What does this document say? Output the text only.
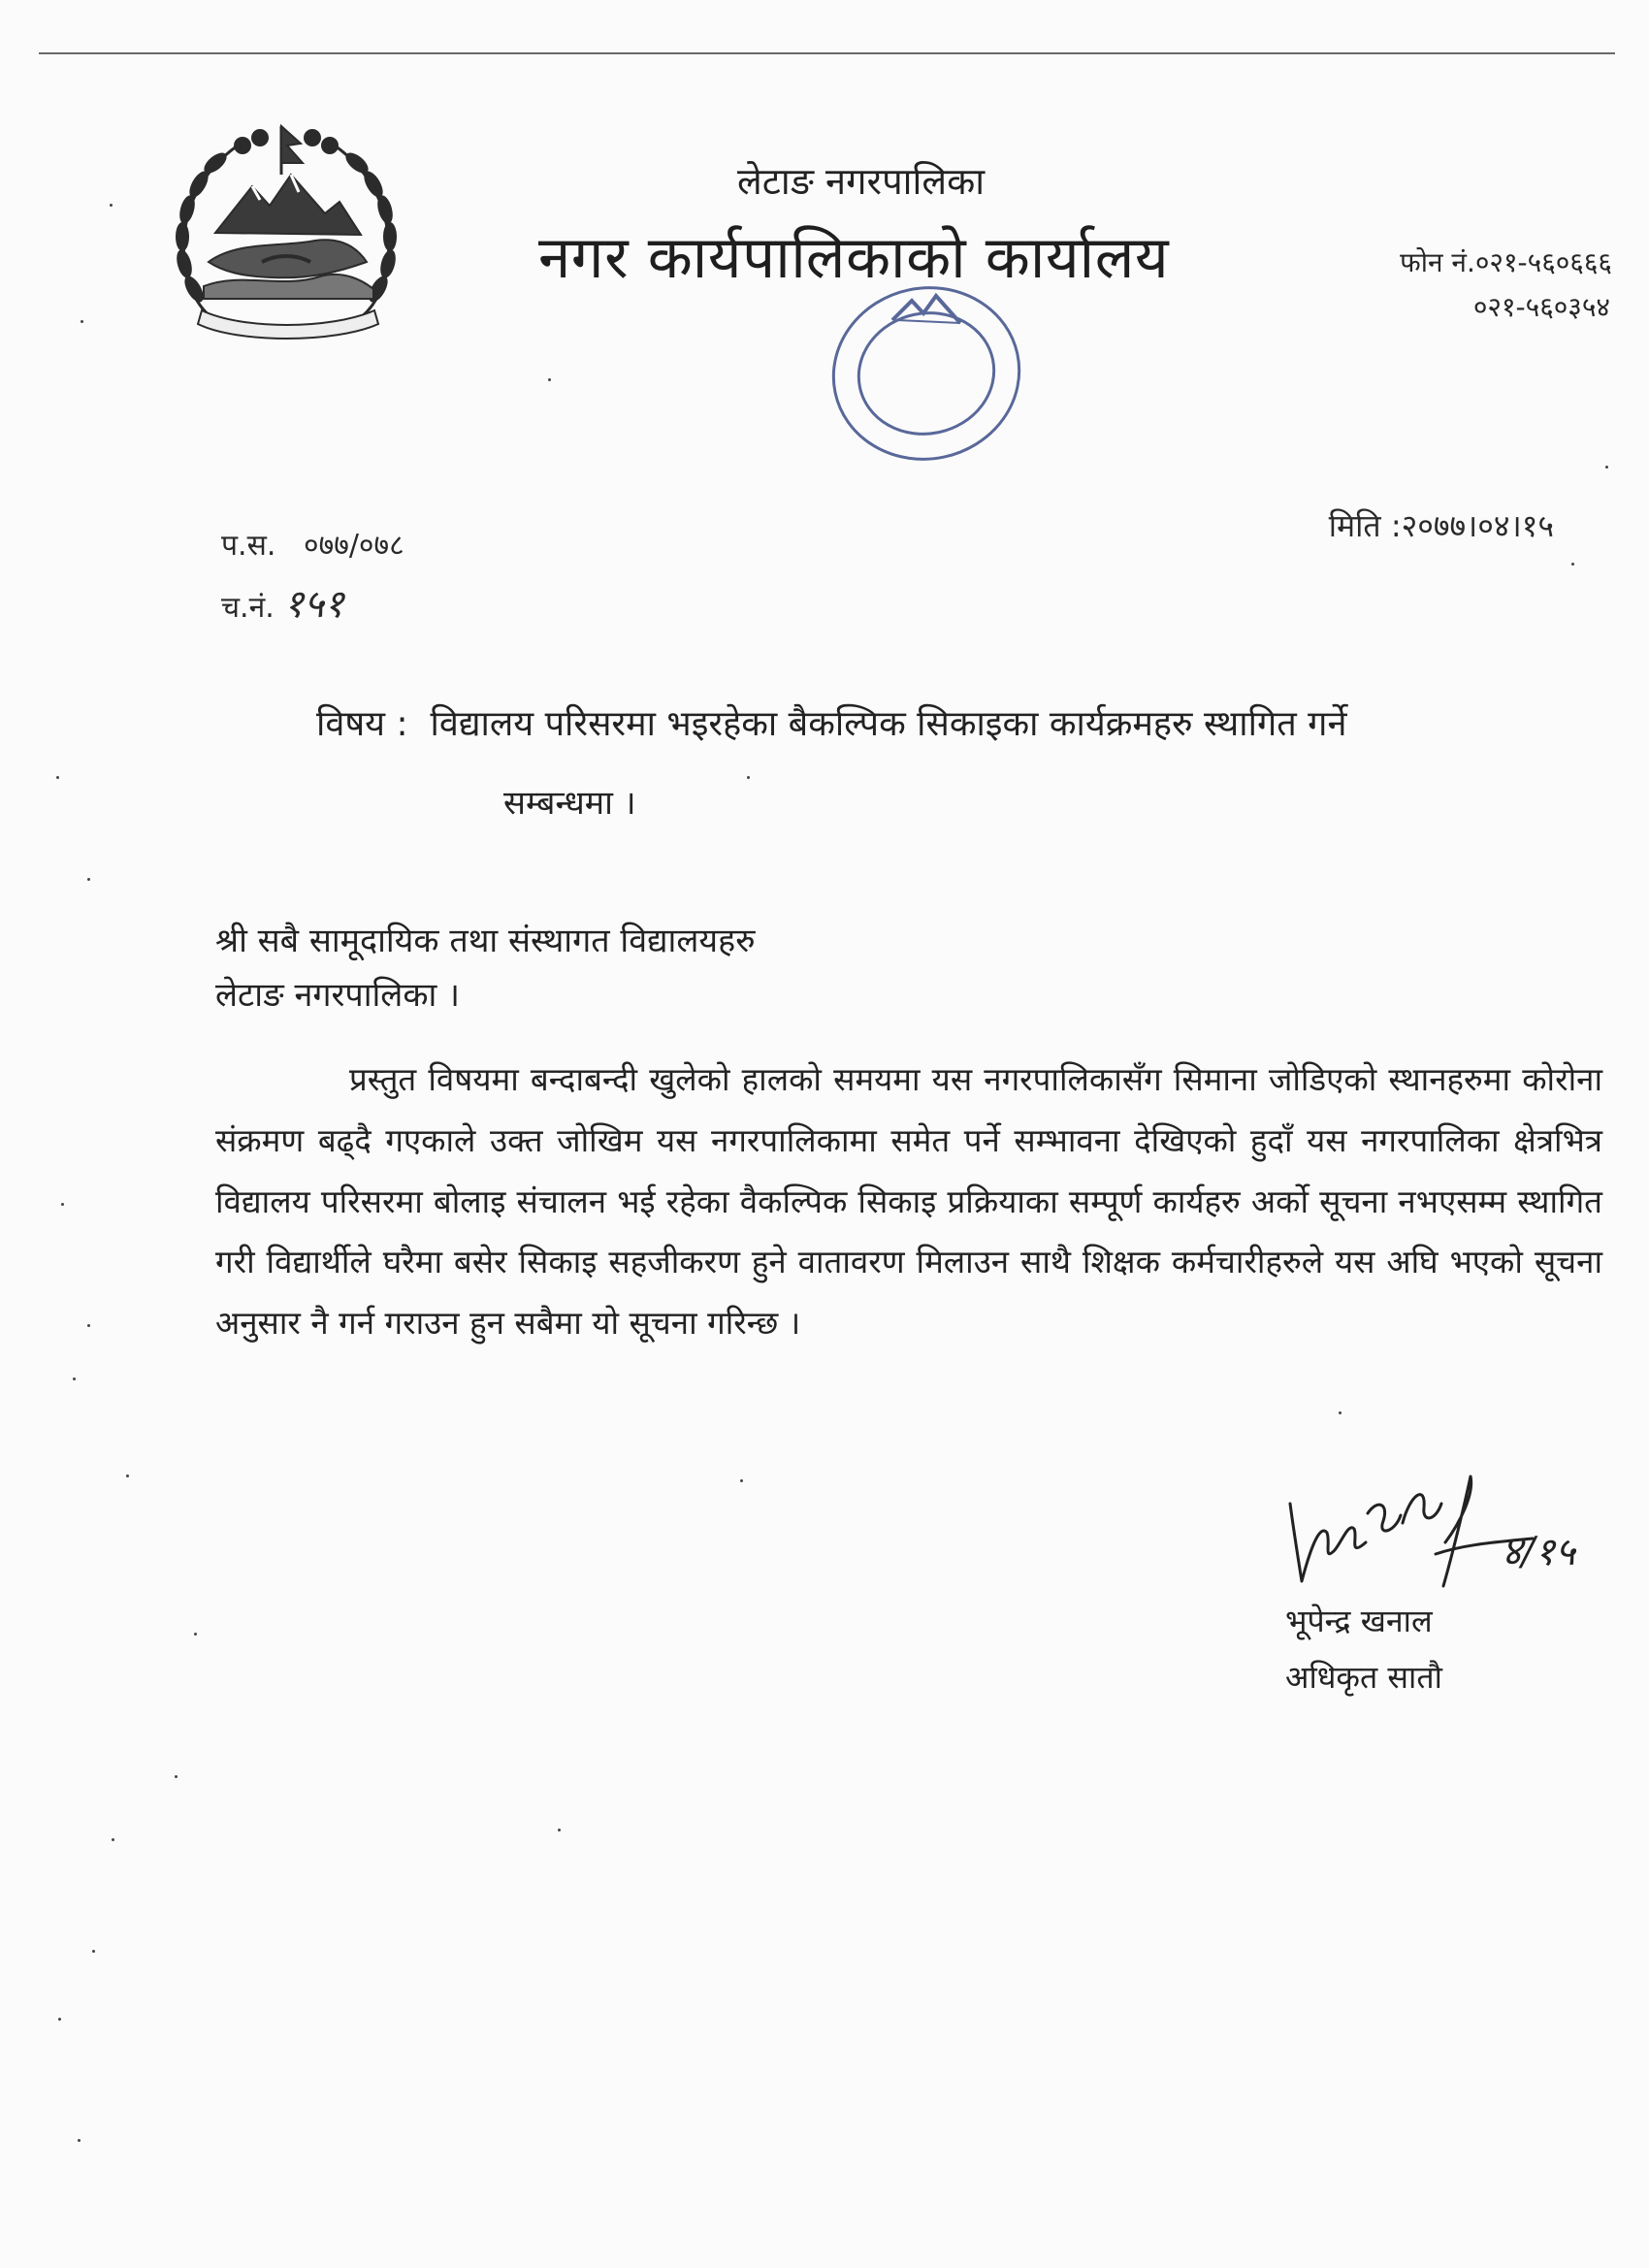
लेटाङ नगरपालिका
नगर कार्यपालिकाको कार्यालय	फोन नं.०२१-५६०६६६
०२१-५६०३५४
प.स. ०७७/०७८
च.नं. १५१
मिति :२०७७।०४।१५
विषय : विद्यालय परिसरमा भइरहेका बैकल्पिक सिकाइका कार्यक्रमहरु स्थागित गर्ने
सम्बन्धमा ।
श्री सबै सामूदायिक तथा संस्थागत विद्यालयहरु
लेटाङ नगरपालिका ।
प्रस्तुत विषयमा बन्दाबन्दी खुलेको हालको समयमा यस नगरपालिकासँग सिमाना जोडिएको स्थानहरुमा कोरोना संक्रमण बढ्दै गएकाले उक्त जोखिम यस नगरपालिकामा समेत पर्ने सम्भावना देखिएको हुदाँ यस नगरपालिका क्षेत्रभित्र विद्यालय परिसरमा बोलाइ संचालन भई रहेका वैकल्पिक सिकाइ प्रक्रियाका सम्पूर्ण कार्यहरु अर्को सूचना नभएसम्म स्थागित गरी विद्यार्थीले घरैमा बसेर सिकाइ सहजीकरण हुने वातावरण मिलाउन साथै शिक्षक कर्मचारीहरुले यस अघि भएको सूचना अनुसार नै गर्न गराउन हुन सबैमा यो सूचना गरिन्छ ।
४/१५
भूपेन्द्र खनाल
अधिकृत सातौ
